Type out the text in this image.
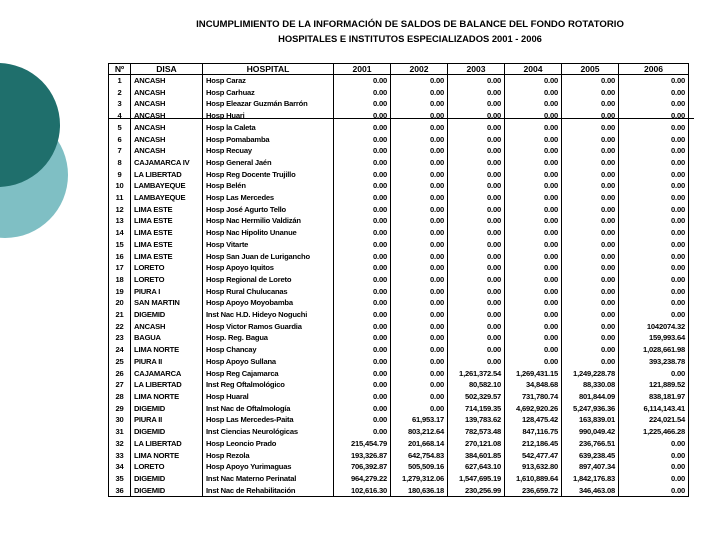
INCUMPLIMIENTO DE LA INFORMACIÓN DE SALDOS DE BALANCE DEL FONDO ROTATORIO
HOSPITALES E INSTITUTOS ESPECIALIZADOS 2001 - 2006
Nº	DISA	HOSPITAL	2001	2002	2003	2004	2005	2006
1	ANCASH	Hosp Caraz	0.00	0.00	0.00	0.00	0.00	0.00
2	ANCASH	Hosp Carhuaz	0.00	0.00	0.00	0.00	0.00	0.00
3	ANCASH	Hosp Eleazar Guzmán Barrón	0.00	0.00	0.00	0.00	0.00	0.00
4	ANCASH	Hosp Huari	0.00	0.00	0.00	0.00	0.00	0.00
5	ANCASH	Hosp la Caleta	0.00	0.00	0.00	0.00	0.00	0.00
6	ANCASH	Hosp Pomabamba	0.00	0.00	0.00	0.00	0.00	0.00
7	ANCASH	Hosp Recuay	0.00	0.00	0.00	0.00	0.00	0.00
8	CAJAMARCA IV	Hosp General Jaén	0.00	0.00	0.00	0.00	0.00	0.00
9	LA LIBERTAD	Hosp Reg Docente Trujillo	0.00	0.00	0.00	0.00	0.00	0.00
10	LAMBAYEQUE	Hosp Belén	0.00	0.00	0.00	0.00	0.00	0.00
11	LAMBAYEQUE	Hosp Las Mercedes	0.00	0.00	0.00	0.00	0.00	0.00
12	LIMA ESTE	Hosp José Agurto Tello	0.00	0.00	0.00	0.00	0.00	0.00
13	LIMA ESTE	Hosp Nac Hermilio Valdizán	0.00	0.00	0.00	0.00	0.00	0.00
14	LIMA ESTE	Hosp Nac Hipolito Unanue	0.00	0.00	0.00	0.00	0.00	0.00
15	LIMA ESTE	Hosp Vitarte	0.00	0.00	0.00	0.00	0.00	0.00
16	LIMA ESTE	Hosp San Juan de Lurigancho	0.00	0.00	0.00	0.00	0.00	0.00
17	LORETO	Hosp Apoyo Iquitos	0.00	0.00	0.00	0.00	0.00	0.00
18	LORETO	Hosp Regional de Loreto	0.00	0.00	0.00	0.00	0.00	0.00
19	PIURA I	Hosp Rural Chulucanas	0.00	0.00	0.00	0.00	0.00	0.00
20	SAN MARTIN	Hosp Apoyo Moyobamba	0.00	0.00	0.00	0.00	0.00	0.00
21	DIGEMID	Inst Nac H.D. Hideyo Noguchi	0.00	0.00	0.00	0.00	0.00	0.00
22	ANCASH	Hosp Victor Ramos Guardia	0.00	0.00	0.00	0.00	0.00	1042074.32
23	BAGUA	Hosp. Reg. Bagua	0.00	0.00	0.00	0.00	0.00	159,993.64
24	LIMA NORTE	Hosp Chancay	0.00	0.00	0.00	0.00	0.00	1,028,661.98
25	PIURA II	Hosp Apoyo Sullana	0.00	0.00	0.00	0.00	0.00	393,238.78
26	CAJAMARCA	Hosp Reg Cajamarca	0.00	0.00	1,261,372.54	1,269,431.15	1,249,228.78	0.00
27	LA LIBERTAD	Inst Reg Oftalmológico	0.00	0.00	80,582.10	34,848.68	88,330.08	121,889.52
28	LIMA NORTE	Hosp Huaral	0.00	0.00	502,329.57	731,780.74	801,844.09	838,181.97
29	DIGEMID	Inst Nac de Oftalmología	0.00	0.00	714,159.35	4,692,920.26	5,247,936.36	6,114,143.41
30	PIURA II	Hosp Las Mercedes-Paita	0.00	61,953.17	139,783.62	128,475.42	163,839.01	224,021.54
31	DIGEMID	Inst Ciencias Neurológicas	0.00	803,212.64	782,573.48	847,116.75	990,049.42	1,225,466.28
32	LA LIBERTAD	Hosp Leoncio Prado	215,454.79	201,668.14	270,121.08	212,186.45	236,766.51	0.00
33	LIMA NORTE	Hosp Rezola	193,326.87	642,754.83	384,601.85	542,477.47	639,238.45	0.00
34	LORETO	Hosp Apoyo Yurimaguas	706,392.87	505,509.16	627,643.10	913,632.80	897,407.34	0.00
35	DIGEMID	Inst Nac Materno Perinatal	964,279.22	1,279,312.06	1,547,695.19	1,610,889.64	1,842,176.83	0.00
36	DIGEMID	Inst Nac de Rehabilitación	102,616.30	180,636.18	230,256.99	236,659.72	346,463.08	0.00
